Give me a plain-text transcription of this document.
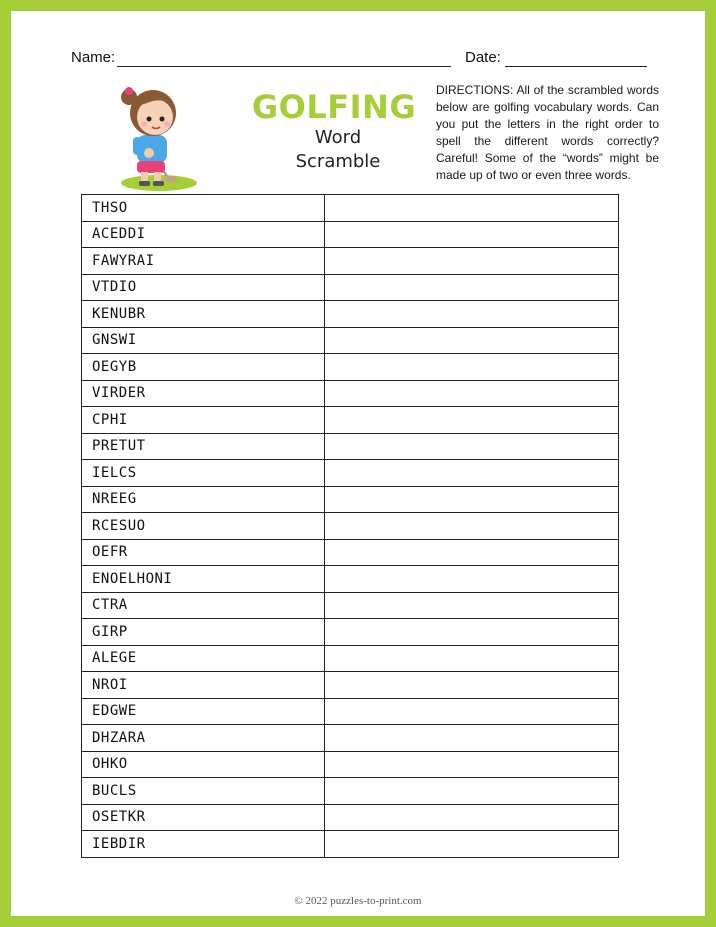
Name:	Date:
GOLFING
Word
Scramble
DIRECTIONS: All of the scrambled words below are golfing vocabulary words. Can you put the letters in the right order to spell the different words correctly? Careful! Some of the “words” might be made up of two or even three words.
THSO	
ACEDDI	
FAWYRAI	
VTDIO	
KENUBR	
GNSWI	
OEGYB	
VIRDER	
CPHI	
PRETUT	
IELCS	
NREEG	
RCESUO	
OEFR	
ENOELHONI	
CTRA	
GIRP	
ALEGE	
NROI	
EDGWE	
DHZARA	
OHKO	
BUCLS	
OSETKR	
IEBDIR	
© 2022 puzzles-to-print.com
